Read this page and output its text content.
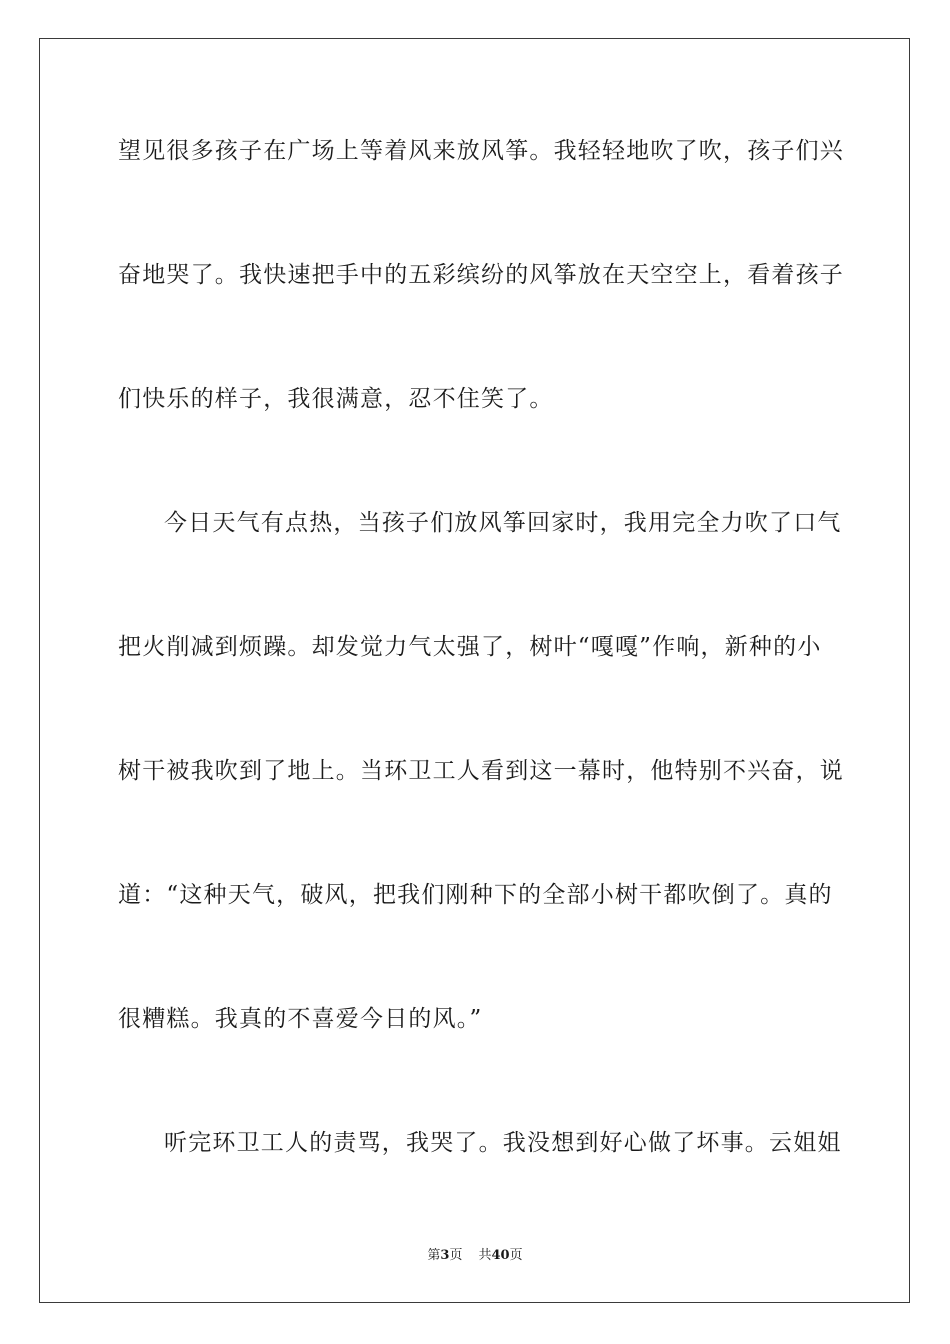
望见很多孩子在广场上等着风来放风筝。我轻轻地吹了吹，孩子们兴
奋地哭了。我快速把手中的五彩缤纷的风筝放在天空空上，看着孩子
们快乐的样子，我很满意，忍不住笑了。
今日天气有点热，当孩子们放风筝回家时，我用完全力吹了口气
把火削减到烦躁。却发觉力气太强了，树叶“嘎嘎”作响，新种的小
树干被我吹到了地上。当环卫工人看到这一幕时，他特别不兴奋，说
道：“这种天气，破风，把我们刚种下的全部小树干都吹倒了。真的
很糟糕。我真的不喜爱今日的风。”
听完环卫工人的责骂，我哭了。我没想到好心做了坏事。云姐姐
第3页 共40页
